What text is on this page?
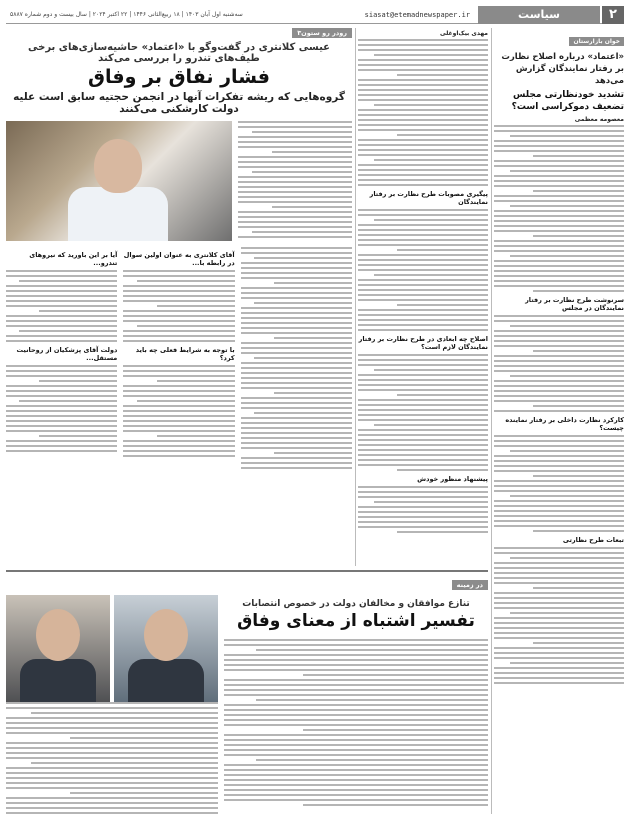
۲
سیاست
siasat@etemadnewspaper.ir
سه‌شنبه اول آبان ۱۴۰۳ | ۱۸ ربیع‌الثانی ۱۴۴۶ | ۲۲ اکتبر ۲۰۲۴ | سال بیست و دوم شماره ۵۸۸۷
خوان بازارستان
«اعتماد» درباره اصلاح نظارت بر رفتار نمایندگان گزارش می‌دهد
تشدید خودنظارتی مجلس تضعیف دموکراسی است؟
معصومه معظمی
سرنوشت طرح نظارت بر رفتار نمایندگان در مجلس
کارکرد نظارت داخلی بر رفتار نماینده چیست؟
تبعات طرح نظارتی
مهدی بیک‌اوغلی
پیگیری مصوبات طرح نظارت بر رفتار نمایندگان
اصلاح چه ابعادی در طرح نظارت بر رفتار نمایندگان لازم است؟
پیشنهاد منظور خودش
رودر رو ستون۳
عیسی کلانتری در گفت‌وگو با «اعتماد» حاشیه‌سازی‌های برخی طیف‌های تندرو را بررسی می‌کند
فشار نفاق بر وفاق
گروه‌هایی که ریشه تفکرات آنها در انجمن حجتیه سابق است علیه دولت کارشکنی می‌کنند
آقای کلانتری به عنوان اولین سوال در رابطه با...
با توجه به شرایط فعلی چه باید کرد؟
آیا بر این باورید که نیروهای تندرو...
دولت آقای پزشکیان از روحانیت مستقل...
در زمینه
تنازع موافقان و مخالفان دولت در خصوص انتصابات
تفسیر اشتباه از معنای وفاق
